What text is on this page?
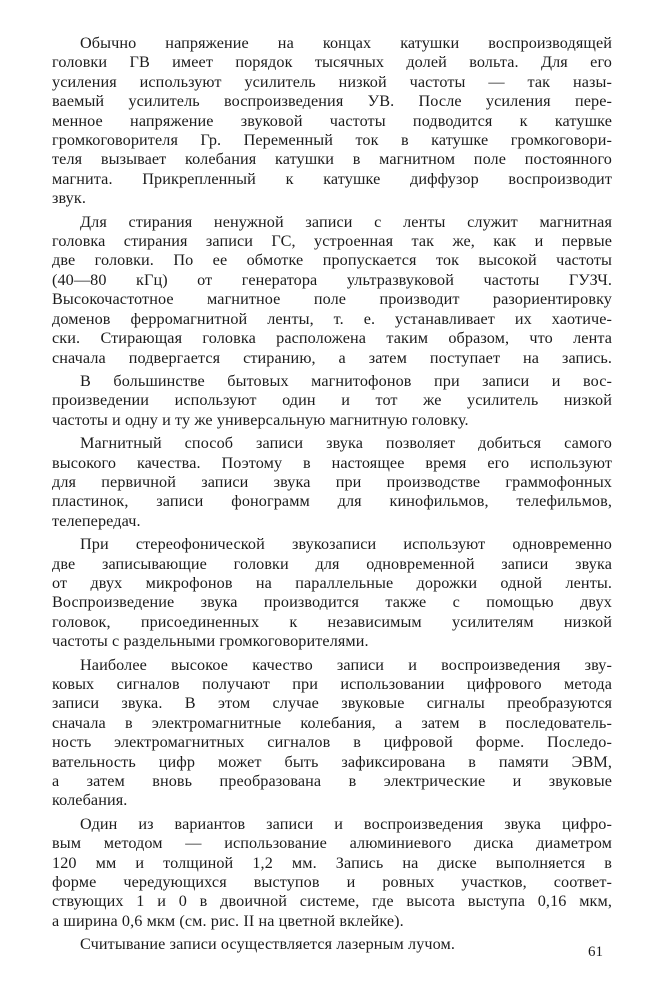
Обычно напряжение на концах катушки воспроизводящей
головки ГВ имеет порядок тысячных долей вольта. Для его
усиления используют усилитель низкой частоты — так назы-
ваемый усилитель воспроизведения УВ. После усиления пере-
менное напряжение звуковой частоты подводится к катушке
громкоговорителя Гр. Переменный ток в катушке громкоговори-
теля вызывает колебания катушки в магнитном поле постоянного
магнита. Прикрепленный к катушке диффузор воспроизводит
звук.

Для стирания ненужной записи с ленты служит магнитная
головка стирания записи ГС, устроенная так же, как и первые
две головки. По ее обмотке пропускается ток высокой частоты
(40—80 кГц) от генератора ультразвуковой частоты ГУЗЧ.
Высокочастотное магнитное поле производит разориентировку
доменов ферромагнитной ленты, т. е. устанавливает их хаотиче-
ски. Стирающая головка расположена таким образом, что лента
сначала подвергается стиранию, а затем поступает на запись.

В большинстве бытовых магнитофонов при записи и вос-
произведении используют один и тот же усилитель низкой
частоты и одну и ту же универсальную магнитную головку.

Магнитный способ записи звука позволяет добиться самого
высокого качества. Поэтому в настоящее время его используют
для первичной записи звука при производстве граммофонных
пластинок, записи фонограмм для кинофильмов, телефильмов,
телепередач.

При стереофонической звукозаписи используют одновременно
две записывающие головки для одновременной записи звука
от двух микрофонов на параллельные дорожки одной ленты.
Воспроизведение звука производится также с помощью двух
головок, присоединенных к независимым усилителям низкой
частоты с раздельными громкоговорителями.

Наиболее высокое качество записи и воспроизведения зву-
ковых сигналов получают при использовании цифрового метода
записи звука. В этом случае звуковые сигналы преобразуются
сначала в электромагнитные колебания, а затем в последователь-
ность электромагнитных сигналов в цифровой форме. Последо-
вательность цифр может быть зафиксирована в памяти ЭВМ,
а затем вновь преобразована в электрические и звуковые
колебания.

Один из вариантов записи и воспроизведения звука цифро-
вым методом — использование алюминиевого диска диаметром
120 мм и толщиной 1,2 мм. Запись на диске выполняется в
форме чередующихся выступов и ровных участков, соответ-
ствующих 1 и 0 в двоичной системе, где высота выступа 0,16 мкм,
а ширина 0,6 мкм (см. рис. II на цветной вклейке).

Считывание записи осуществляется лазерным лучом.	61
